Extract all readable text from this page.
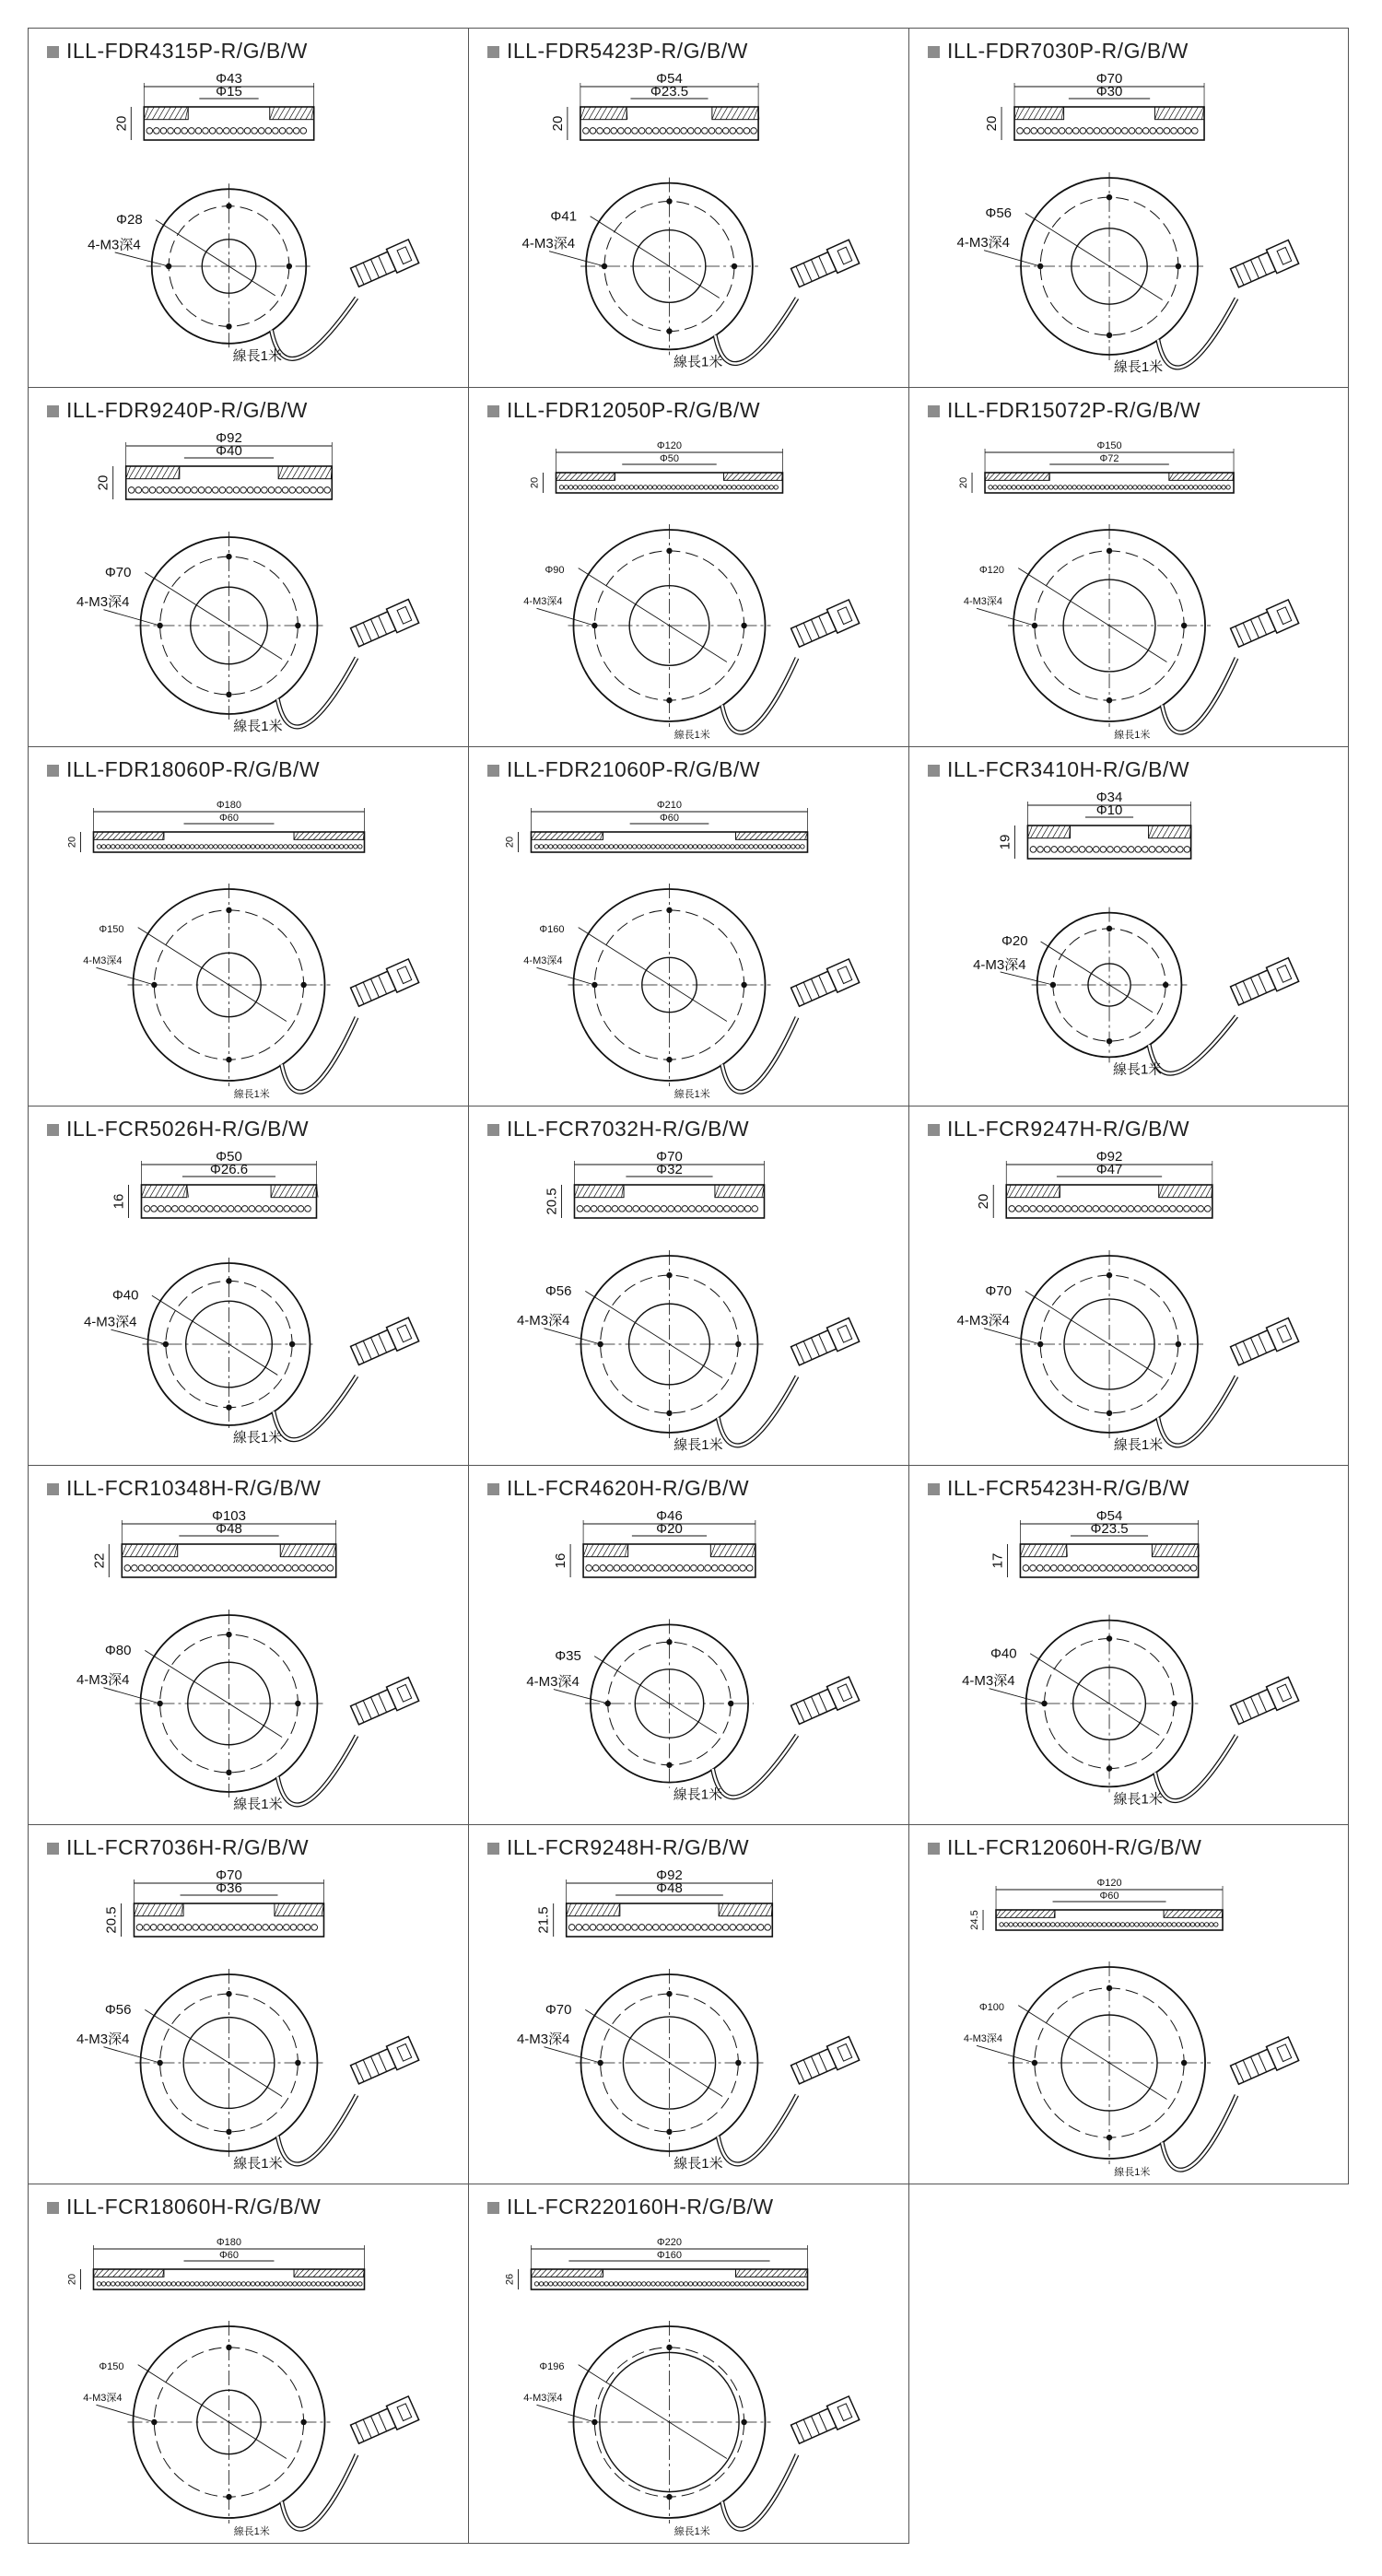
ILL-FDR4315P-R/G/B/W
Φ43
Φ15
20
Φ28
4-M3深4
線長1米
ILL-FDR5423P-R/G/B/W
Φ54
Φ23.5
20
Φ41
4-M3深4
線長1米
ILL-FDR7030P-R/G/B/W
Φ70
Φ30
20
Φ56
4-M3深4
線長1米
ILL-FDR9240P-R/G/B/W
Φ92
Φ40
20
Φ70
4-M3深4
線長1米
ILL-FDR12050P-R/G/B/W
Φ120
Φ50
20
Φ90
4-M3深4
線長1米
ILL-FDR15072P-R/G/B/W
Φ150
Φ72
20
Φ120
4-M3深4
線長1米
ILL-FDR18060P-R/G/B/W
Φ180
Φ60
20
Φ150
4-M3深4
線長1米
ILL-FDR21060P-R/G/B/W
Φ210
Φ60
20
Φ160
4-M3深4
線長1米
ILL-FCR3410H-R/G/B/W
Φ34
Φ10
19
Φ20
4-M3深4
線長1米
ILL-FCR5026H-R/G/B/W
Φ50
Φ26.6
16
Φ40
4-M3深4
線長1米
ILL-FCR7032H-R/G/B/W
Φ70
Φ32
20.5
Φ56
4-M3深4
線長1米
ILL-FCR9247H-R/G/B/W
Φ92
Φ47
20
Φ70
4-M3深4
線長1米
ILL-FCR10348H-R/G/B/W
Φ103
Φ48
22
Φ80
4-M3深4
線長1米
ILL-FCR4620H-R/G/B/W
Φ46
Φ20
16
Φ35
4-M3深4
線長1米
ILL-FCR5423H-R/G/B/W
Φ54
Φ23.5
17
Φ40
4-M3深4
線長1米
ILL-FCR7036H-R/G/B/W
Φ70
Φ36
20.5
Φ56
4-M3深4
線長1米
ILL-FCR9248H-R/G/B/W
Φ92
Φ48
21.5
Φ70
4-M3深4
線長1米
ILL-FCR12060H-R/G/B/W
Φ120
Φ60
24.5
Φ100
4-M3深4
線長1米
ILL-FCR18060H-R/G/B/W
Φ180
Φ60
20
Φ150
4-M3深4
線長1米
ILL-FCR220160H-R/G/B/W
Φ220
Φ160
26
Φ196
4-M3深4
線長1米
